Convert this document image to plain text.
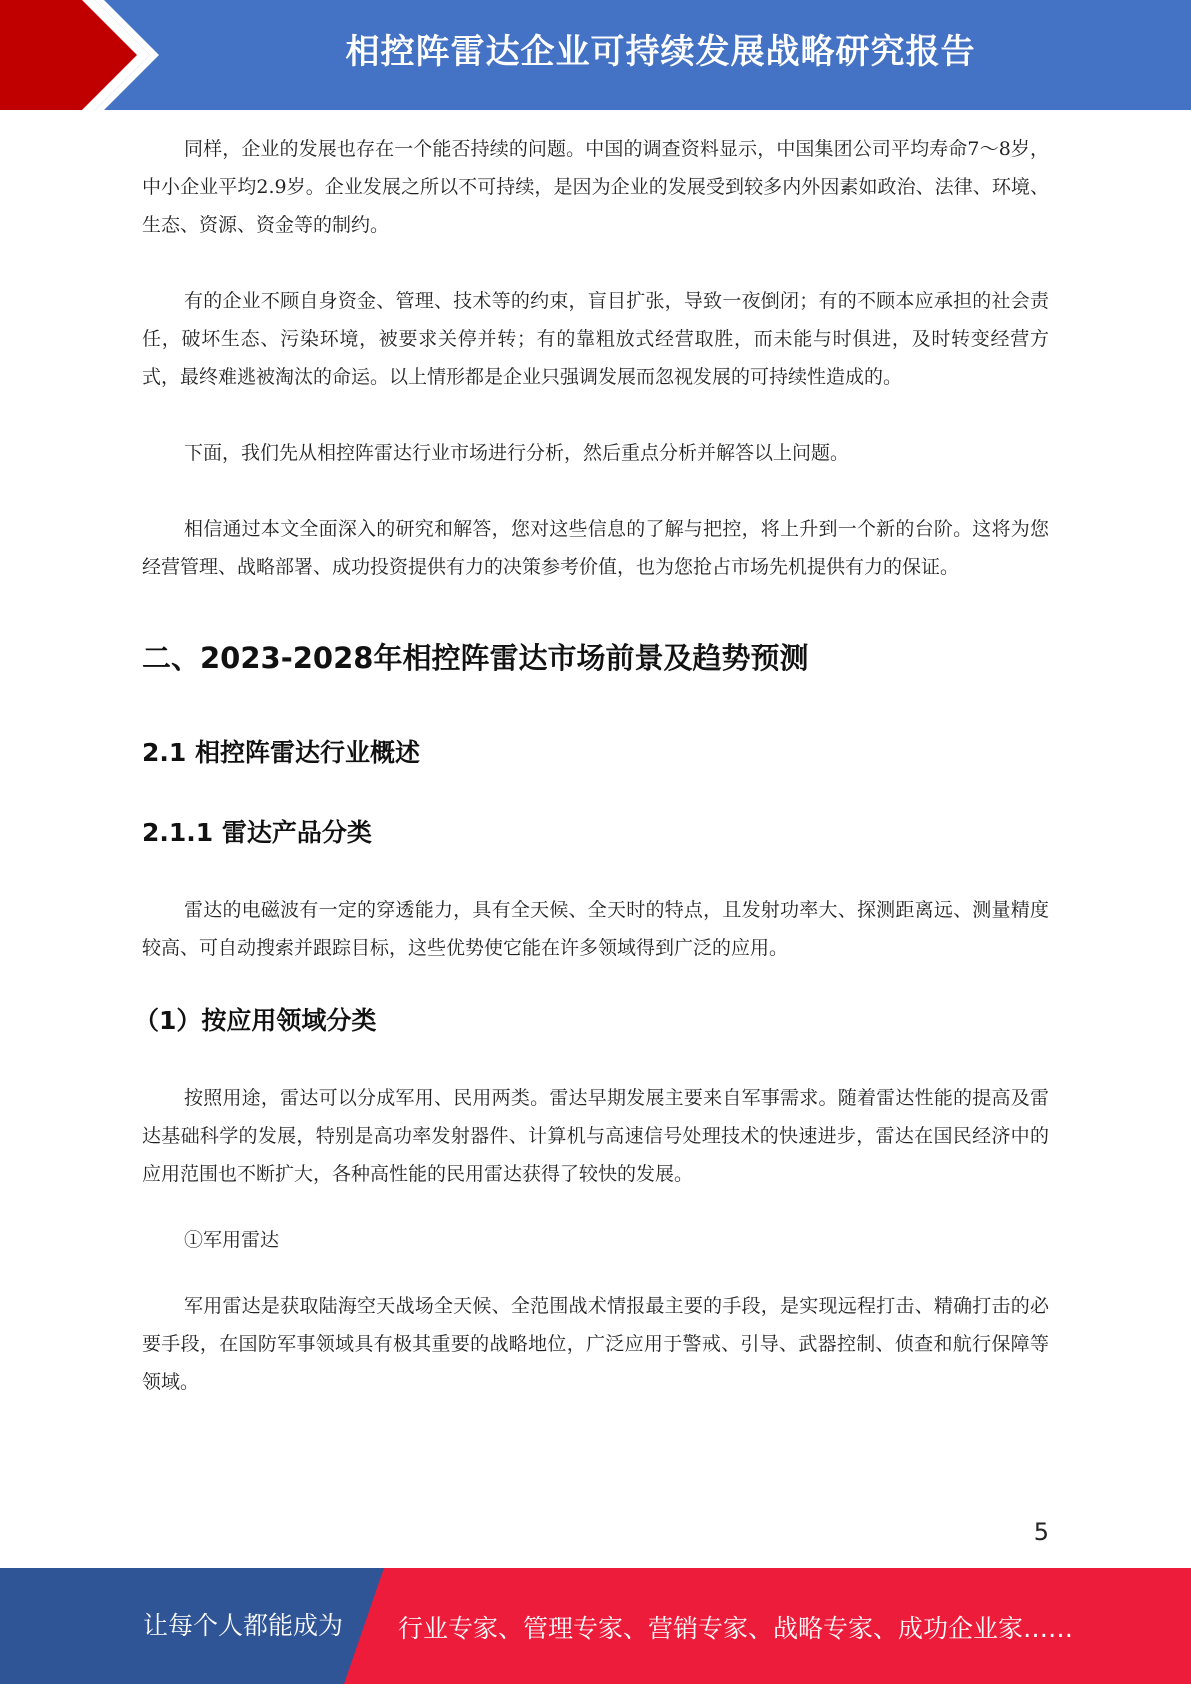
相控阵雷达企业可持续发展战略研究报告

同样，企业的发展也存在一个能否持续的问题。中国的调查资料显示，中国集团公司平均寿命7～8岁，中小企业平均2.9岁。企业发展之所以不可持续，是因为企业的发展受到较多内外因素如政治、法律、环境、生态、资源、资金等的制约。

有的企业不顾自身资金、管理、技术等的约束，盲目扩张，导致一夜倒闭；有的不顾本应承担的社会责任，破坏生态、污染环境，被要求关停并转；有的靠粗放式经营取胜，而未能与时俱进，及时转变经营方式，最终难逃被淘汰的命运。以上情形都是企业只强调发展而忽视发展的可持续性造成的。

下面，我们先从相控阵雷达行业市场进行分析，然后重点分析并解答以上问题。

相信通过本文全面深入的研究和解答，您对这些信息的了解与把控，将上升到一个新的台阶。这将为您经营管理、战略部署、成功投资提供有力的决策参考价值，也为您抢占市场先机提供有力的保证。

二、2023-2028年相控阵雷达市场前景及趋势预测
2.1 相控阵雷达行业概述
2.1.1 雷达产品分类

雷达的电磁波有一定的穿透能力，具有全天候、全天时的特点，且发射功率大、探测距离远、测量精度较高、可自动搜索并跟踪目标，这些优势使它能在许多领域得到广泛的应用。

（1）按应用领域分类

按照用途，雷达可以分成军用、民用两类。雷达早期发展主要来自军事需求。随着雷达性能的提高及雷达基础科学的发展，特别是高功率发射器件、计算机与高速信号处理技术的快速进步，雷达在国民经济中的应用范围也不断扩大，各种高性能的民用雷达获得了较快的发展。

①军用雷达

军用雷达是获取陆海空天战场全天候、全范围战术情报最主要的手段，是实现远程打击、精确打击的必要手段，在国防军事领域具有极其重要的战略地位，广泛应用于警戒、引导、武器控制、侦查和航行保障等领域。

5
让每个人都能成为 行业专家、管理专家、营销专家、战略专家、成功企业家……
